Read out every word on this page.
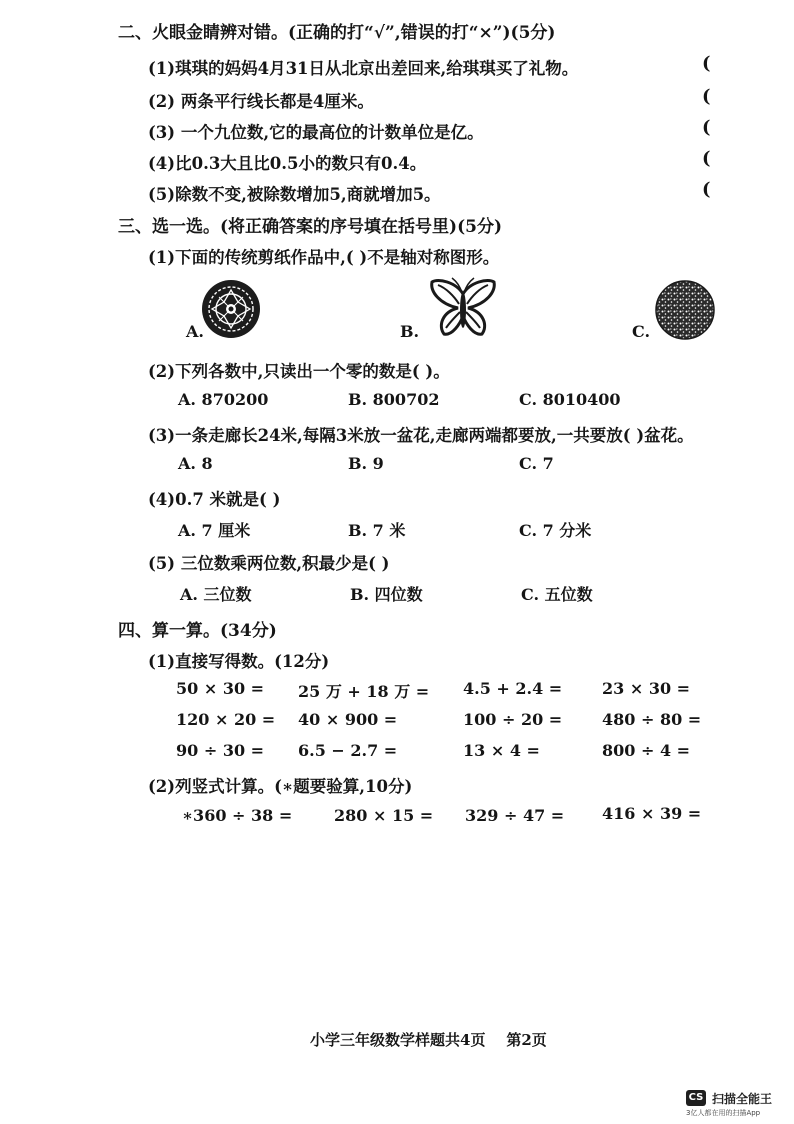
二、火眼金睛辨对错。(正确的打“√”,错误的打“×”)(5分)
(1)琪琪的妈妈4月31日从北京出差回来,给琪琪买了礼物。	(
(2) 两条平行线长都是4厘米。	(
(3) 一个九位数,它的最高位的计数单位是亿。	(
(4)比0.3大且比0.5小的数只有0.4。	(
(5)除数不变,被除数增加5,商就增加5。	(
三、选一选。(将正确答案的序号填在括号里)(5分)
(1)下面的传统剪纸作品中,( )不是轴对称图形。
A.	B.	C.
(2)下列各数中,只读出一个零的数是( )。
A. 870200	B. 800702	C. 8010400
(3)一条走廊长24米,每隔3米放一盆花,走廊两端都要放,一共要放( )盆花。
A. 8	B. 9	C. 7
(4)0.7 米就是( )
A. 7 厘米	B. 7 米	C. 7 分米
(5) 三位数乘两位数,积最少是( )
A. 三位数	B. 四位数	C. 五位数
四、算一算。(34分)
(1)直接写得数。(12分)
50 × 30 = 25 万 + 18 万 = 4.5 + 2.4 = 23 × 30 =
120 × 20 = 40 × 900 =	100 ÷ 20 = 480 ÷ 80 =
90 ÷ 30 = 6.5 − 2.7 =	13 × 4 =	800 ÷ 4 =
(2)列竖式计算。(∗题要验算,10分)
∗360 ÷ 38 =	280 × 15 = 329 ÷ 47 = 416 × 39 =
小学三年级数学样题共4页    第2页
CS 扫描全能王
3亿人都在用的扫描App
